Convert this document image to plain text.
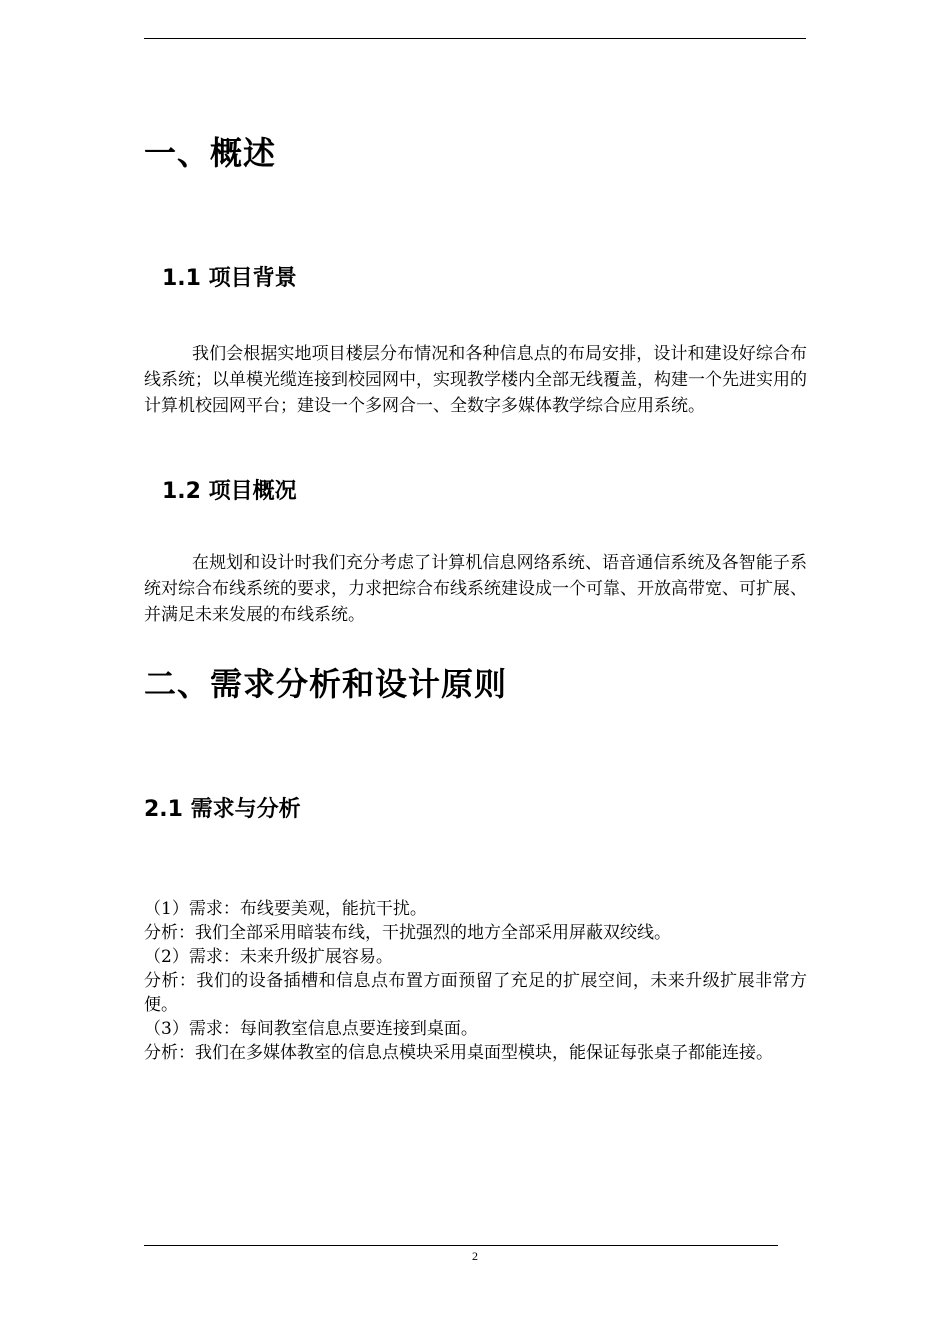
一、概述
1.1 项目背景

我们会根据实地项目楼层分布情况和各种信息点的布局安排，设计和建设好综合布线系统；以单模光缆连接到校园网中，实现教学楼内全部无线覆盖，构建一个先进实用的计算机校园网平台；建设一个多网合一、全数字多媒体教学综合应用系统。

1.2 项目概况

在规划和设计时我们充分考虑了计算机信息网络系统、语音通信系统及各智能子系统对综合布线系统的要求，力求把综合布线系统建设成一个可靠、开放高带宽、可扩展、并满足未来发展的布线系统。

二、需求分析和设计原则
2.1 需求与分析
（1）需求：布线要美观，能抗干扰。
分析：我们全部采用暗装布线，干扰强烈的地方全部采用屏蔽双绞线。
（2）需求：未来升级扩展容易。
分析：我们的设备插槽和信息点布置方面预留了充足的扩展空间，未来升级扩展非常方便。
（3）需求：每间教室信息点要连接到桌面。
分析：我们在多媒体教室的信息点模块采用桌面型模块，能保证每张桌子都能连接。
2
